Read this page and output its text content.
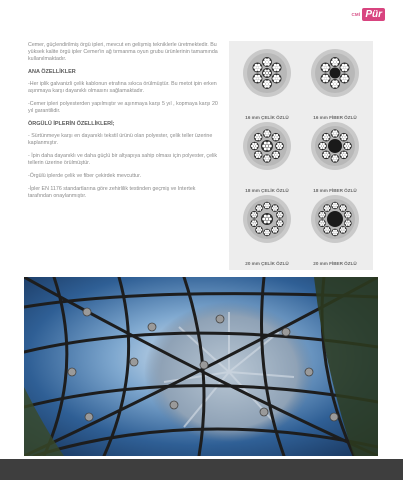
CMİ Pür

Cemer, güçlendirilmiş örgü ipleri, mevcut en gelişmiş tekniklerle üretmektedir. Bu yüksek kalite örgü ipler Cemer'in ağ tırmanma oyun grubu ürünlerinin tamamında kullanılmaktadır.

ANA ÖZELLİKLER

-Her iplik galvanizli çelik kablonun etrafına sıkıca örülmüştür. Bu metot ipin erken aşınmaya karşı dayanıklı olmasını sağlamaktadır.

-Cemer ipleri polyesterden yapılmıştır ve aşınmaya karşı 5 yıl , kopmaya karşı 20 yıl garantilidir.

ÖRGÜLÜ İPLERİN ÖZELLİKLERİ;

- Sürtünmeye karşı en dayanıklı tekstil ürünü olan polyester, çelik teller üzerine kaplanmıştır.

- İpin daha dayanıklı ve daha güçlü bir altyapıya sahip olması için polyester, çelik tellerin üzerine örülmüştür.

-Örgülü iplerde çelik ve fiber çekirdek mevcuttur.

-İpler EN 1176 standartlarına göre zehirlilik testinden geçmiş ve Intertek tarafından onaylanmıştır.

16 mm ÇELİK ÖZLÜ	16 mm FİBER ÖZLÜ
18 mm ÇELİK ÖZLÜ	18 mm FİBER ÖZLÜ
20 mm ÇELİK ÖZLÜ	20 mm FİBER ÖZLÜ
